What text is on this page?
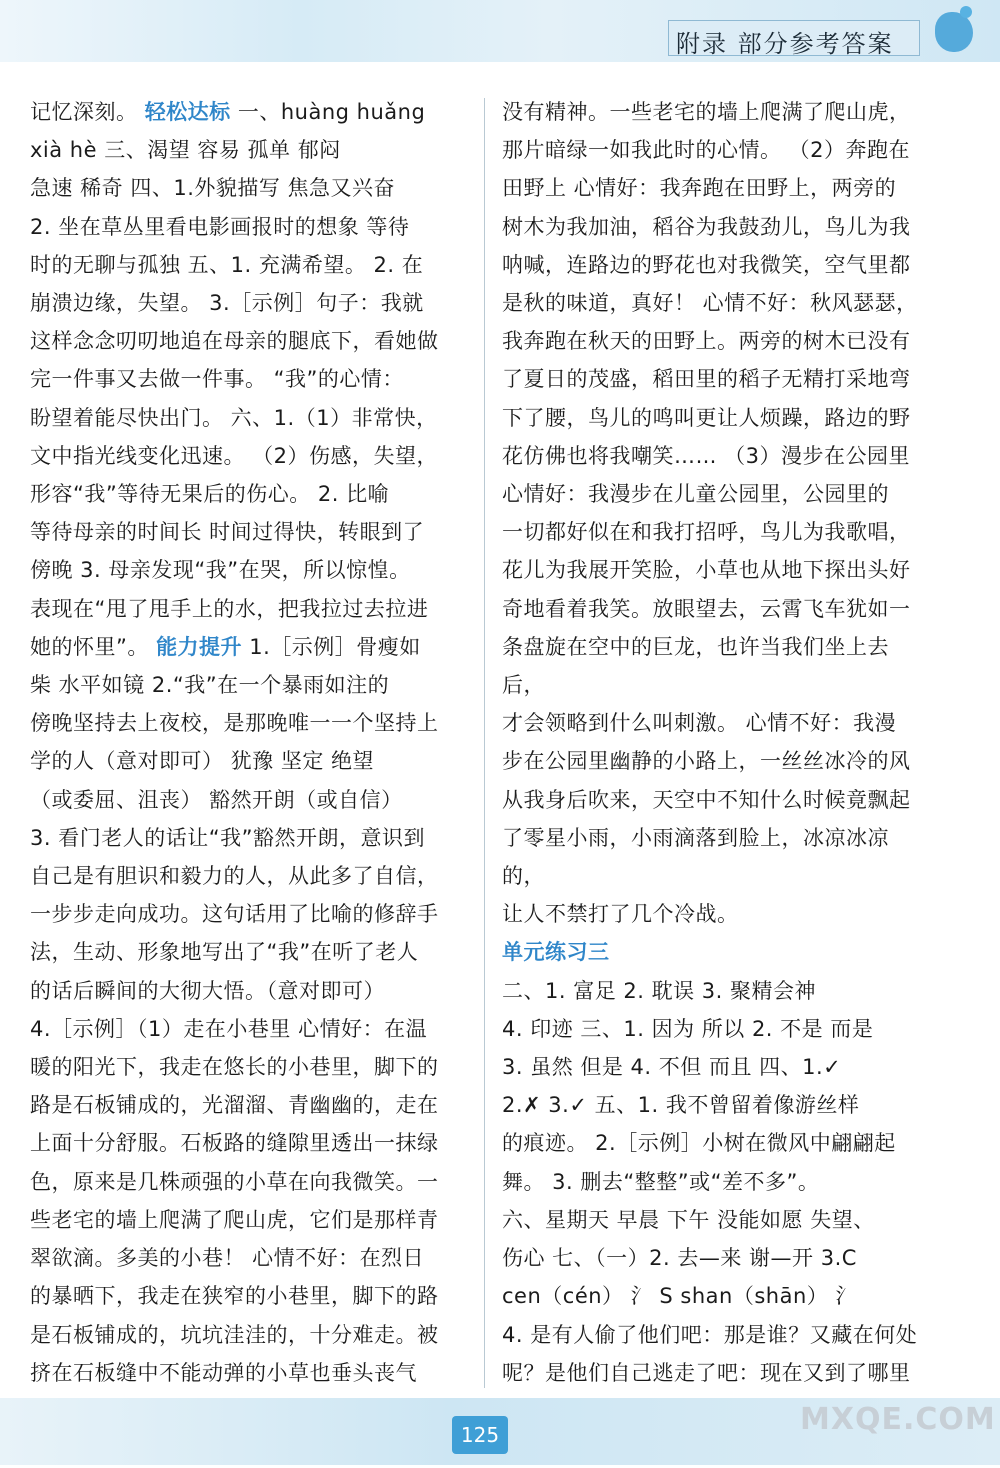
附录 部分参考答案

记忆深刻。 轻松达标 一、huàng huǎng

xià hè 三、渴望 容易 孤单 郁闷

急速 稀奇 四、1.外貌描写 焦急又兴奋

2. 坐在草丛里看电影画报时的想象 等待

时的无聊与孤独 五、1. 充满希望。 2. 在

崩溃边缘，失望。 3.［示例］句子：我就

这样念念叨叨地追在母亲的腿底下，看她做

完一件事又去做一件事。 “我”的心情：

盼望着能尽快出门。 六、1.（1）非常快，

文中指光线变化迅速。 （2）伤感，失望，

形容“我”等待无果后的伤心。 2. 比喻

等待母亲的时间长 时间过得快，转眼到了

傍晚 3. 母亲发现“我”在哭，所以惊惶。

表现在“甩了甩手上的水，把我拉过去拉进

她的怀里”。 能力提升 1.［示例］骨瘦如

柴 水平如镜 2.“我”在一个暴雨如注的

傍晚坚持去上夜校，是那晚唯一一个坚持上

学的人（意对即可） 犹豫 坚定 绝望

（或委屈、沮丧） 豁然开朗（或自信）

3. 看门老人的话让“我”豁然开朗，意识到

自己是有胆识和毅力的人，从此多了自信，

一步步走向成功。这句话用了比喻的修辞手

法，生动、形象地写出了“我”在听了老人

的话后瞬间的大彻大悟。（意对即可）

4.［示例］（1）走在小巷里 心情好：在温

暖的阳光下，我走在悠长的小巷里，脚下的

路是石板铺成的，光溜溜、青幽幽的，走在

上面十分舒服。石板路的缝隙里透出一抹绿

色，原来是几株顽强的小草在向我微笑。一

些老宅的墙上爬满了爬山虎，它们是那样青

翠欲滴。多美的小巷！ 心情不好：在烈日

的暴晒下，我走在狭窄的小巷里，脚下的路

是石板铺成的，坑坑洼洼的，十分难走。被

挤在石板缝中不能动弹的小草也垂头丧气

没有精神。一些老宅的墙上爬满了爬山虎，

那片暗绿一如我此时的心情。 （2）奔跑在

田野上 心情好：我奔跑在田野上，两旁的

树木为我加油，稻谷为我鼓劲儿，鸟儿为我

呐喊，连路边的野花也对我微笑，空气里都

是秋的味道，真好！ 心情不好：秋风瑟瑟，

我奔跑在秋天的田野上。两旁的树木已没有

了夏日的茂盛，稻田里的稻子无精打采地弯

下了腰，鸟儿的鸣叫更让人烦躁，路边的野

花仿佛也将我嘲笑…… （3）漫步在公园里

心情好：我漫步在儿童公园里，公园里的

一切都好似在和我打招呼，鸟儿为我歌唱，

花儿为我展开笑脸，小草也从地下探出头好

奇地看着我笑。放眼望去，云霄飞车犹如一

条盘旋在空中的巨龙，也许当我们坐上去后，

才会领略到什么叫刺激。 心情不好：我漫

步在公园里幽静的小路上，一丝丝冰冷的风

从我身后吹来，天空中不知什么时候竟飘起

了零星小雨，小雨滴落到脸上，冰凉冰凉的，

让人不禁打了几个冷战。

单元练习三

二、1. 富足 2. 耽误 3. 聚精会神

4. 印迹 三、1. 因为 所以 2. 不是 而是

3. 虽然 但是 4. 不但 而且 四、1.✓

2.✗ 3.✓ 五、1. 我不曾留着像游丝样

的痕迹。 2.［示例］小树在微风中翩翩起

舞。 3. 删去“整整”或“差不多”。

六、星期天 早晨 下午 没能如愿 失望、

伤心 七、（一）2. 去—来 谢—开 3.C

cen（cén） 氵 S shan（shān） 氵

4. 是有人偷了他们吧：那是谁？又藏在何处

呢？是他们自己逃走了吧：现在又到了哪里

125	MXQE.COM
